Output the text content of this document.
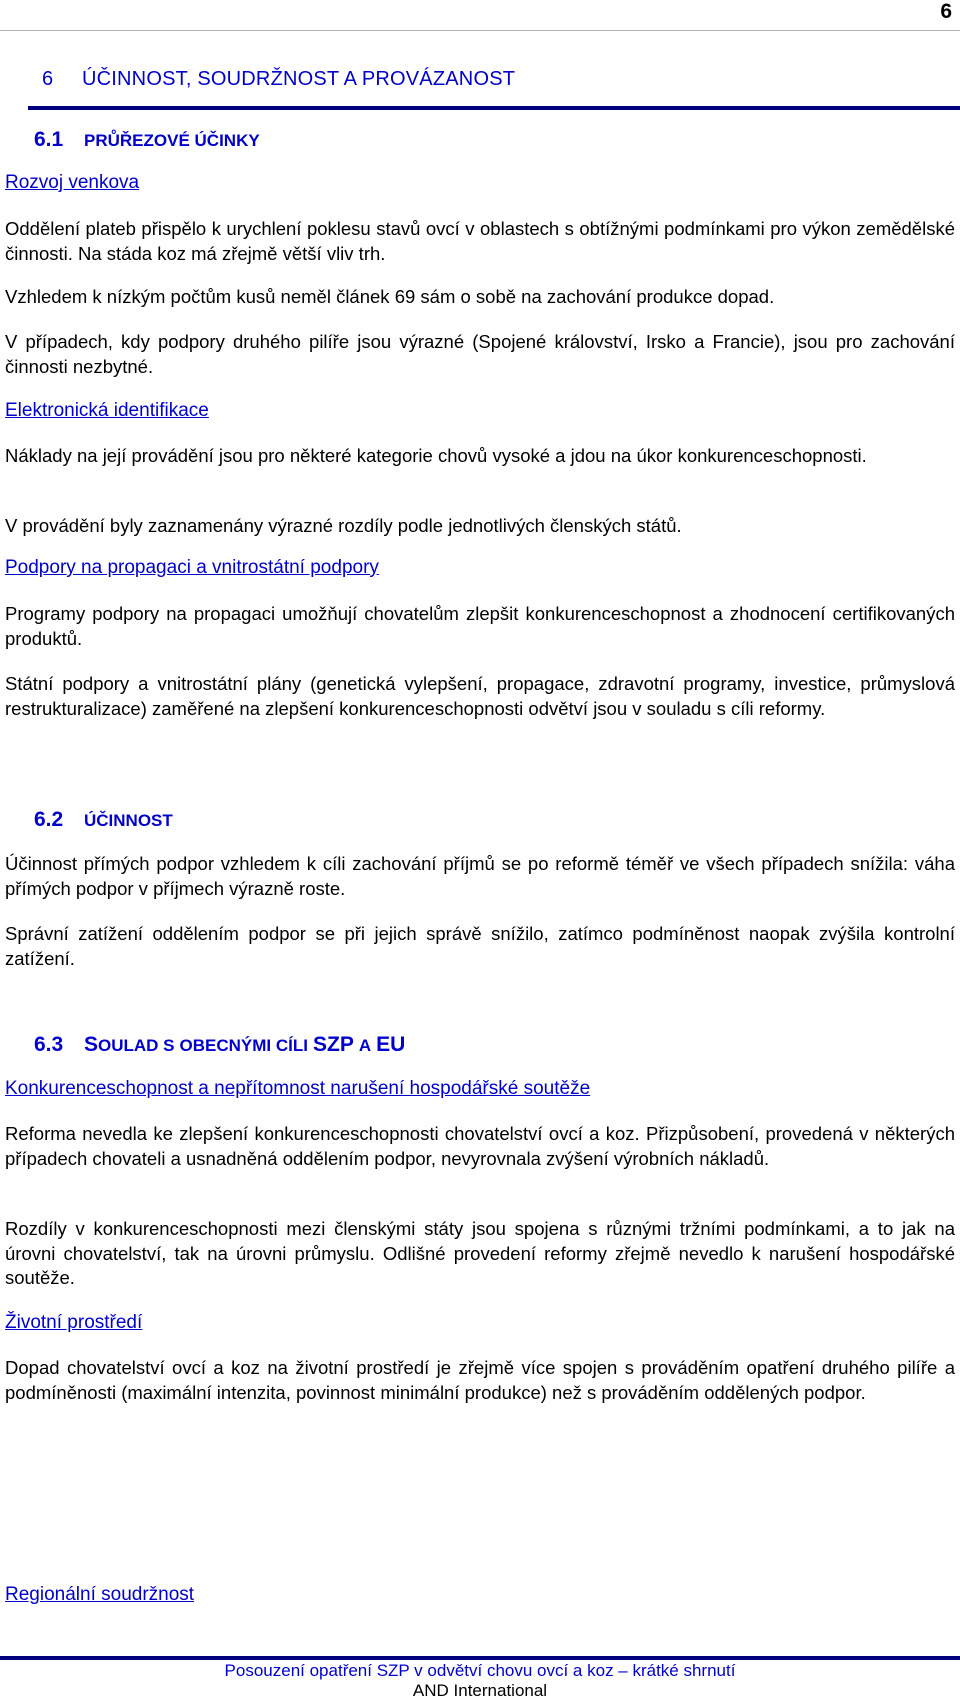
6
6 ÚČINNOST, SOUDRŽNOST A PROVÁZANOST
6.1 PRŮŘEZOVÉ ÚČINKY
Rozvoj venkova

Oddělení plateb přispělo k urychlení poklesu stavů ovcí v oblastech s obtížnými podmínkami pro výkon zemědělské činnosti. Na stáda koz má zřejmě větší vliv trh.

Vzhledem k nízkým počtům kusů neměl článek 69 sám o sobě na zachování produkce dopad.

V případech, kdy podpory druhého pilíře jsou výrazné (Spojené království, Irsko a Francie), jsou pro zachování činnosti nezbytné.

Elektronická identifikace

Náklady na její provádění jsou pro některé kategorie chovů vysoké a jdou na úkor konkurenceschopnosti.

V provádění byly zaznamenány výrazné rozdíly podle jednotlivých členských států.

Podpory na propagaci a vnitrostátní podpory

Programy podpory na propagaci umožňují chovatelům zlepšit konkurenceschopnost a zhodnocení certifikovaných produktů.

Státní podpory a vnitrostátní plány (genetická vylepšení, propagace, zdravotní programy, investice, průmyslová restrukturalizace) zaměřené na zlepšení konkurenceschopnosti odvětví jsou v souladu s cíli reformy.

6.2 ÚČINNOST

Účinnost přímých podpor vzhledem k cíli zachování příjmů se po reformě téměř ve všech případech snížila: váha přímých podpor v příjmech výrazně roste.

Správní zatížení oddělením podpor se při jejich správě snížilo, zatímco podmíněnost naopak zvýšila kontrolní zatížení.

6.3 SOULAD S OBECNÝMI CÍLI SZP A EU
Konkurenceschopnost a nepřítomnost narušení hospodářské soutěže

Reforma nevedla ke zlepšení konkurenceschopnosti chovatelství ovcí a koz. Přizpůsobení, provedená v některých případech chovateli a usnadněná oddělením podpor, nevyrovnala zvýšení výrobních nákladů.

Rozdíly v konkurenceschopnosti mezi členskými státy jsou spojena s různými tržními podmínkami, a to jak na úrovni chovatelství, tak na úrovni průmyslu. Odlišné provedení reformy zřejmě nevedlo k narušení hospodářské soutěže.

Životní prostředí

Dopad chovatelství ovcí a koz na životní prostředí je zřejmě více spojen s prováděním opatření druhého pilíře a podmíněnosti (maximální intenzita, povinnost minimální produkce) než s prováděním oddělených podpor.

Regionální soudržnost
Posouzení opatření SZP v odvětví chovu ovcí a koz – krátké shrnutí
AND International
